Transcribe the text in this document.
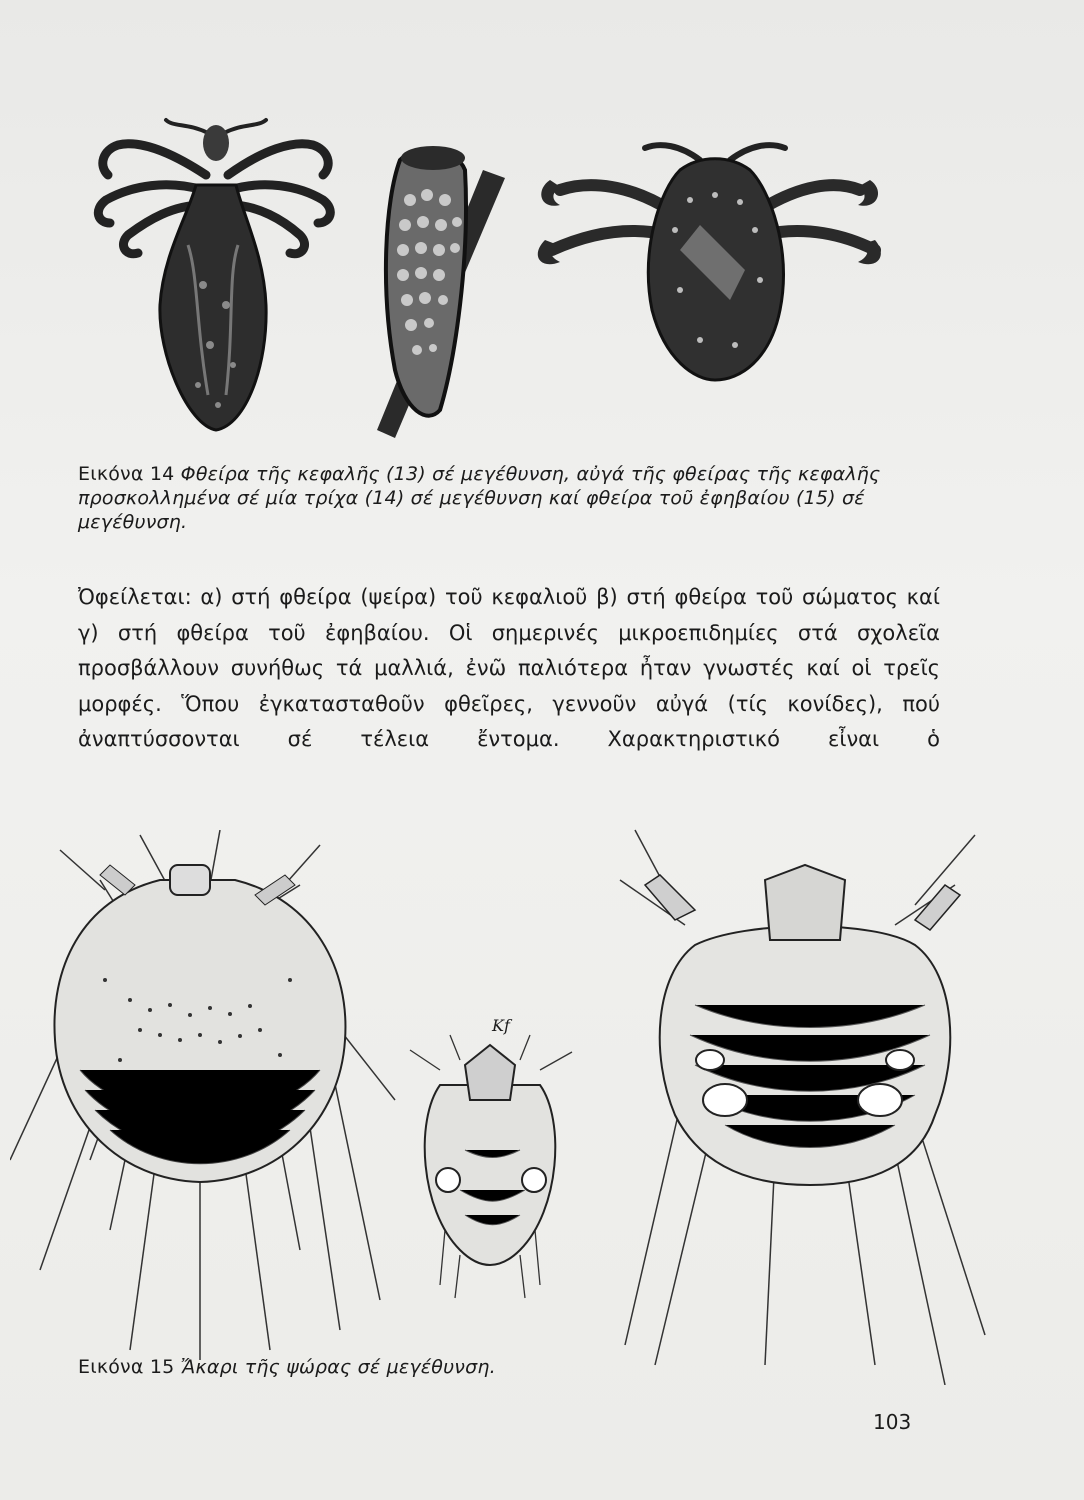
Εικόνα 14 Φθείρα τῆς κεφαλῆς (13) σέ μεγέθυνση, αὐγά τῆς φθείρας τῆς κεφαλῆς προσκολλημένα σέ μία τρίχα (14) σέ μεγέθυνση καί φθείρα τοῦ ἐφηβαίου (15) σέ μεγέθυνση.

Ὀφείλεται: α) στή φθείρα (ψείρα) τοῦ κεφαλιοῦ β) στή φθείρα τοῦ σώματος καί γ) στή φθείρα τοῦ ἐφηβαίου. Οἱ σημερινές μικροεπιδημίες στά σχολεῖα προσβάλλουν συνήθως τά μαλλιά, ἐνῶ παλιότερα ἦταν γνωστές καί οἱ τρεῖς μορφές. Ὅπου ἐγκατασταθοῦν φθεῖρες, γεννοῦν αὐγά (τίς κονίδες), πού ἀναπτύσσονται σέ τέλεια ἔντομα. Χαρακτηριστικό εἶναι ὁ

Kf
Εικόνα 15 Ἄκαρι τῆς ψώρας σέ μεγέθυνση.
103
